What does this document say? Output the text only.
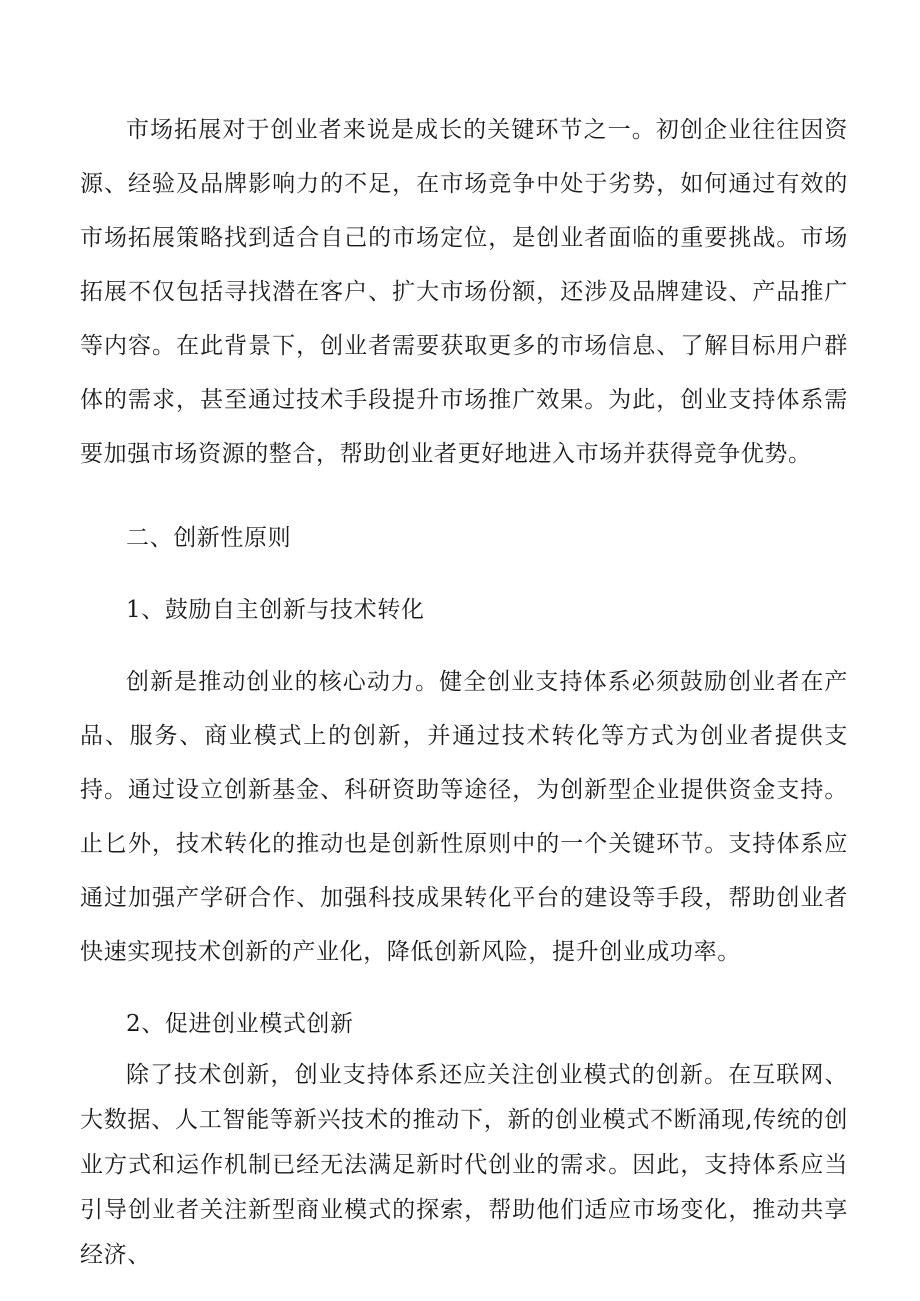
市场拓展对于创业者来说是成长的关键环节之一。初创企业往往因资源、经验及品牌影响力的不足，在市场竞争中处于劣势，如何通过有效的市场拓展策略找到适合自己的市场定位，是创业者面临的重要挑战。市场拓展不仅包括寻找潜在客户、扩大市场份额，还涉及品牌建设、产品推广等内容。在此背景下，创业者需要获取更多的市场信息、了解目标用户群体的需求，甚至通过技术手段提升市场推广效果。为此，创业支持体系需要加强市场资源的整合，帮助创业者更好地进入市场并获得竞争优势。

二、创新性原则
1、鼓励自主创新与技术转化

创新是推动创业的核心动力。健全创业支持体系必须鼓励创业者在产品、服务、商业模式上的创新，并通过技术转化等方式为创业者提供支持。通过设立创新基金、科研资助等途径，为创新型企业提供资金支持。止匕外，技术转化的推动也是创新性原则中的一个关键环节。支持体系应通过加强产学研合作、加强科技成果转化平台的建设等手段，帮助创业者快速实现技术创新的产业化，降低创新风险，提升创业成功率。

2、促进创业模式创新

除了技术创新，创业支持体系还应关注创业模式的创新。在互联网、大数据、人工智能等新兴技术的推动下，新的创业模式不断涌现,传统的创业方式和运作机制已经无法满足新时代创业的需求。因此，支持体系应当引导创业者关注新型商业模式的探索，帮助他们适应市场变化，推动共享经济、
